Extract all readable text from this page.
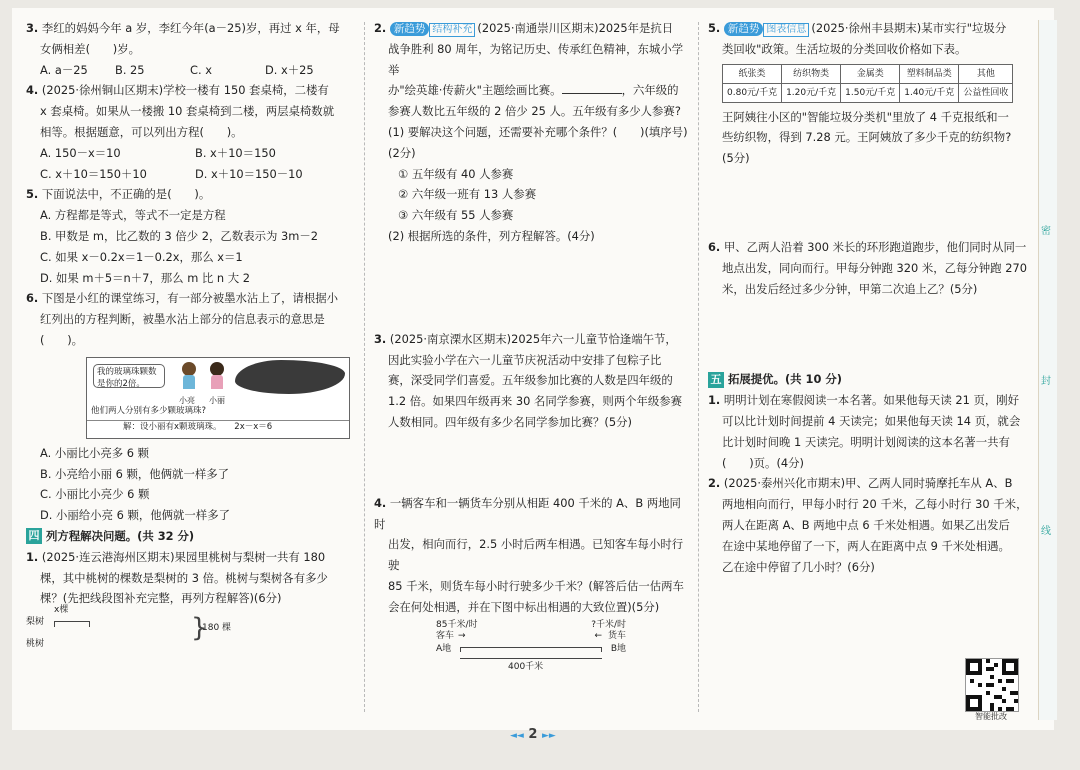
3. 李红的妈妈今年 a 岁，李红今年(a－25)岁，再过 x 年，母
女俩相差(　　)岁。
A. a－25	B. 25	C. x	D. x＋25
4. (2025·徐州铜山区期末)学校一楼有 150 套桌椅，二楼有
x 套桌椅。如果从一楼搬 10 套桌椅到二楼，两层桌椅数就
相等。根据题意，可以列出方程(　　)。
A. 150－x＝10	B. x＋10＝150
C. x＋10＝150＋10	D. x＋10＝150－10
5. 下面说法中，不正确的是(　　)。
A. 方程都是等式，等式不一定是方程
B. 甲数是 m，比乙数的 3 倍少 2，乙数表示为 3m－2
C. 如果 x－0.2x＝1－0.2x，那么 x＝1
D. 如果 m＋5＝n＋7，那么 m 比 n 大 2
6. 下图是小红的课堂练习，有一部分被墨水沾上了，请根据小
红列出的方程判断，被墨水沾上部分的信息表示的意思是
(　　)。
我的玻璃珠颗数是你的2倍。
小亮 小丽
他们两人分别有多少颗玻璃珠?
解：设小丽有x颗玻璃珠。　　2x－x＝6
A. 小丽比小亮多 6 颗
B. 小亮给小丽 6 颗，他俩就一样多了
C. 小丽比小亮少 6 颗
D. 小丽给小亮 6 颗，他俩就一样多了
四 列方程解决问题。(共 32 分)
1. (2025·连云港海州区期末)果园里桃树与梨树一共有 180
棵，其中桃树的棵数是梨树的 3 倍。桃树与梨树各有多少
棵？(先把线段图补充完整，再列方程解答)(6分)
x棵
梨树
桃树
}
180 棵
2. 新趋势 结构补充 (2025·南通崇川区期末)2025年是抗日
战争胜利 80 周年，为铭记历史、传承红色精神，东城小学举
办"绘英雄·传薪火"主题绘画比赛。	，六年级的
参赛人数比五年级的 2 倍少 25 人。五年级有多少人参赛?
(1) 要解决这个问题，还需要补充哪个条件？(　　)(填序号)(2分)
① 五年级有 40 人参赛
② 六年级一班有 13 人参赛
③ 六年级有 55 人参赛
(2) 根据所选的条件，列方程解答。(4分)
3. (2025·南京溧水区期末)2025年六一儿童节恰逢端午节，
因此实验小学在六一儿童节庆祝活动中安排了包粽子比
赛，深受同学们喜爱。五年级参加比赛的人数是四年级的
1.2 倍。如果四年级再来 30 名同学参赛，则两个年级参赛
人数相同。四年级有多少名同学参加比赛？(5分)
4. 一辆客车和一辆货车分别从相距 400 千米的 A、B 两地同时
出发，相向而行，2.5 小时后两车相遇。已知客车每小时行驶
85 千米，则货车每小时行驶多少千米？(解答后估一估两车
会在何处相遇，并在下图中标出相遇的大致位置)(5分)
85千米/时	?千米/时
客车 →	← 货车
A地	B地
400千米
5. 新趋势 图表信息 (2025·徐州丰县期末)某市实行"垃圾分
类回收"政策。生活垃圾的分类回收价格如下表。
纸张类	纺织物类	金属类	塑料制品类	其他
0.80元/千克	1.20元/千克	1.50元/千克	1.40元/千克	公益性回收
王阿姨往小区的"智能垃圾分类机"里放了 4 千克报纸和一
些纺织物，得到 7.28 元。王阿姨放了多少千克的纺织物?
(5分)
6. 甲、乙两人沿着 300 米长的环形跑道跑步，他们同时从同一
地点出发，同向而行。甲每分钟跑 320 米，乙每分钟跑 270
米，出发后经过多少分钟，甲第二次追上乙？(5分)
五 拓展提优。(共 10 分)
1. 明明计划在寒假阅读一本名著。如果他每天读 21 页，刚好
可以比计划时间提前 4 天读完；如果他每天读 14 页，就会
比计划时间晚 1 天读完。明明计划阅读的这本名著一共有
(　　)页。(4分)
2. (2025·泰州兴化市期末)甲、乙两人同时骑摩托车从 A、B
两地相向而行，甲每小时行 20 千米，乙每小时行 30 千米，
两人在距离 A、B 两地中点 6 千米处相遇。如果乙出发后
在途中某地停留了一下，两人在距离中点 9 千米处相遇。
乙在途中停留了几小时？(6分)
密
封
线
智能批改
◄◄ 2 ►►
